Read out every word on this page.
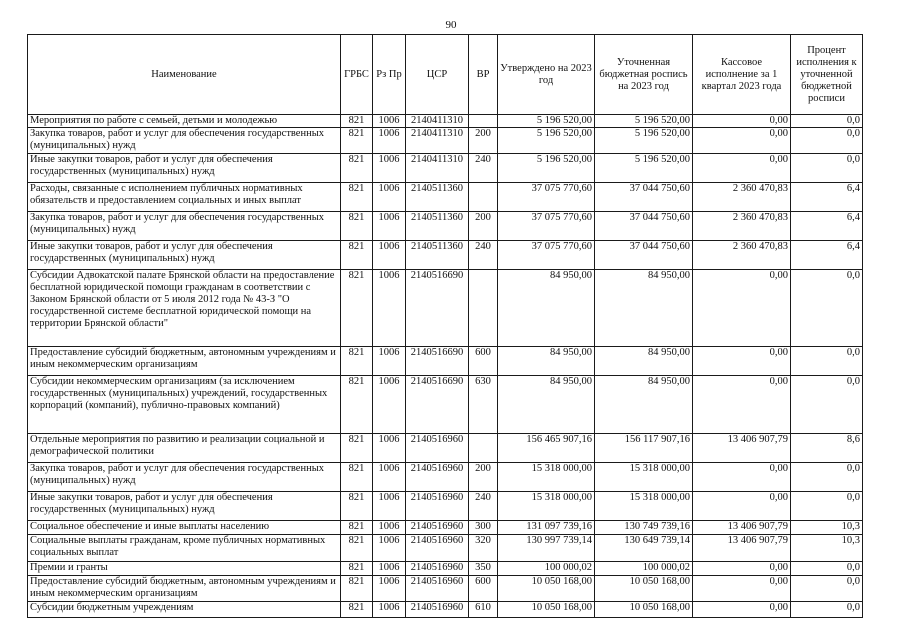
90
Наименование	ГРБС	Рз Пр	ЦСР	ВР	Утверждено на 2023 год	Уточненная бюджетная роспись на 2023 год	Кассовое исполнение за 1 квартал 2023 года	Процент исполнения к уточненной бюджетной росписи
Мероприятия по работе с семьей, детьми и молодежью	821	1006	2140411310		5 196 520,00	5 196 520,00	0,00	0,0
Закупка товаров, работ и услуг для обеспечения государственных (муниципальных) нужд	821	1006	2140411310	200	5 196 520,00	5 196 520,00	0,00	0,0
Иные закупки товаров, работ и услуг для обеспечения государственных (муниципальных) нужд	821	1006	2140411310	240	5 196 520,00	5 196 520,00	0,00	0,0
Расходы, связанные с исполнением публичных нормативных обязательств и предоставлением социальных и иных выплат	821	1006	2140511360		37 075 770,60	37 044 750,60	2 360 470,83	6,4
Закупка товаров, работ и услуг для обеспечения государственных (муниципальных) нужд	821	1006	2140511360	200	37 075 770,60	37 044 750,60	2 360 470,83	6,4
Иные закупки товаров, работ и услуг для обеспечения государственных (муниципальных) нужд	821	1006	2140511360	240	37 075 770,60	37 044 750,60	2 360 470,83	6,4
Субсидии Адвокатской палате Брянской области на предоставление бесплатной юридической помощи гражданам в соответствии с Законом Брянской области от 5 июля 2012 года № 43-З "О государственной системе бесплатной юридической помощи на территории Брянской области"	821	1006	2140516690		84 950,00	84 950,00	0,00	0,0
Предоставление субсидий бюджетным, автономным учреждениям и иным некоммерческим организациям	821	1006	2140516690	600	84 950,00	84 950,00	0,00	0,0
Субсидии некоммерческим организациям (за исключением государственных (муниципальных) учреждений, государственных корпораций (компаний), публично-правовых компаний)	821	1006	2140516690	630	84 950,00	84 950,00	0,00	0,0
Отдельные мероприятия по развитию и реализации социальной и демографической политики	821	1006	2140516960		156 465 907,16	156 117 907,16	13 406 907,79	8,6
Закупка товаров, работ и услуг для обеспечения государственных (муниципальных) нужд	821	1006	2140516960	200	15 318 000,00	15 318 000,00	0,00	0,0
Иные закупки товаров, работ и услуг для обеспечения государственных (муниципальных) нужд	821	1006	2140516960	240	15 318 000,00	15 318 000,00	0,00	0,0
Социальное обеспечение и иные выплаты населению	821	1006	2140516960	300	131 097 739,16	130 749 739,16	13 406 907,79	10,3
Социальные выплаты гражданам, кроме публичных нормативных социальных выплат	821	1006	2140516960	320	130 997 739,14	130 649 739,14	13 406 907,79	10,3
Премии и гранты	821	1006	2140516960	350	100 000,02	100 000,02	0,00	0,0
Предоставление субсидий бюджетным, автономным учреждениям и иным некоммерческим организациям	821	1006	2140516960	600	10 050 168,00	10 050 168,00	0,00	0,0
Субсидии бюджетным учреждениям	821	1006	2140516960	610	10 050 168,00	10 050 168,00	0,00	0,0
